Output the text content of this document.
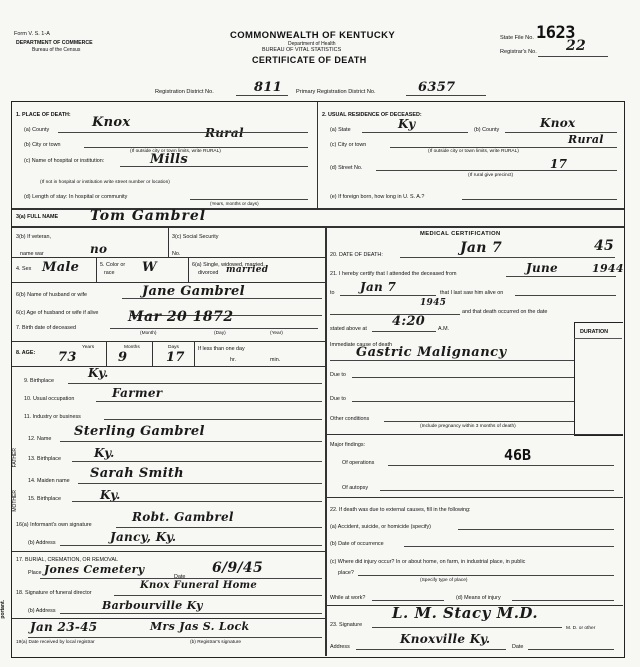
Form V. S. 1-A
DEPARTMENT OF COMMERCE
Bureau of the Census
COMMONWEALTH OF KENTUCKY
Department of Health
BUREAU OF VITAL STATISTICS
CERTIFICATE OF DEATH
State File No. 1623
Registrar's No. 22
Registration District No.	811 Primary Registration District No.	6357
1. PLACE OF DEATH:
(a) County	Knox
Rural
(b) City or town
(If outside city or town limits, write RURAL)
(c) Name of hospital or institution:	Mills
(If not in hospital or institution write street number or location)
(d) Length of stay: In hospital or community
(Years, months or days)
2. USUAL RESIDENCE OF DECEASED:
(a) State	Ky	(b) County	Knox
(c) City or town	Rural
(If outside city or town limits, write RURAL)
(d) Street No.	17
(If rural give precinct)
(e) If foreign born, how long in U. S. A.?
3(a) FULL NAME Tom Gambrel
3(b) If veteran,
name war	no
3(c) Social Security
No.
4. Sex Male	5. Color or
race W	6(a) Single, widowed, married,
divorced married
6(b) Name of husband or wife	Jane Gambrel
6(c) Age of husband or wife if alive
7. Birth date of deceased
Mar 20 1872
(Month)	(Day)	(Year)
8. AGE:
Years	Months	Days
73	9	17
If less than one day
hr.	min.
9. Birthplace
Ky.
10. Usual occupation	Farmer
11. Industry or business
FATHER
12. Name Sterling Gambrel
13. Birthplace	Ky.
MOTHER
14. Maiden name Sarah Smith
15. Birthplace	Ky.
16(a) Informant's own signature
Robt. Gambrel
(b) Address	Jancy, Ky.
17. BURIAL, CREMATION, OR REMOVAL
Place Jones Cemetery
Date
6/9/45
18. Signature of funeral director
Knox Funeral Home
(b) Address	Barbourville Ky
Jan 23-45	Mrs Jas S. Lock
19(a) Date received by local registrar	(b) Registrar's signature
MEDICAL CERTIFICATION
20. DATE OF DEATH:	Jan 7	45
21. I hereby certify that I attended the deceased from	June	1944
to Jan 7	that I last saw him alive on
1945
and that death occurred on the date
stated above at 4:20 A.M.
Immediate cause of death
DURATION
Gastric Malignancy
Due to
Due to
Other conditions
(Include pregnancy within 3 months of death)
Major findings:
Of operations	46B
Of autopsy
22. If death was due to external causes, fill in the following:
(a) Accident, suicide, or homicide (specify)
(b) Date of occurrence
(c) Where did injury occur? In or about home, on farm, in industrial place, in public
place?
(Specify type of place)
While at work?	(d) Means of injury
23. Signature
L. M. Stacy M.D.
M. D. or other
Address
Knoxville Ky.
Date
portant.
